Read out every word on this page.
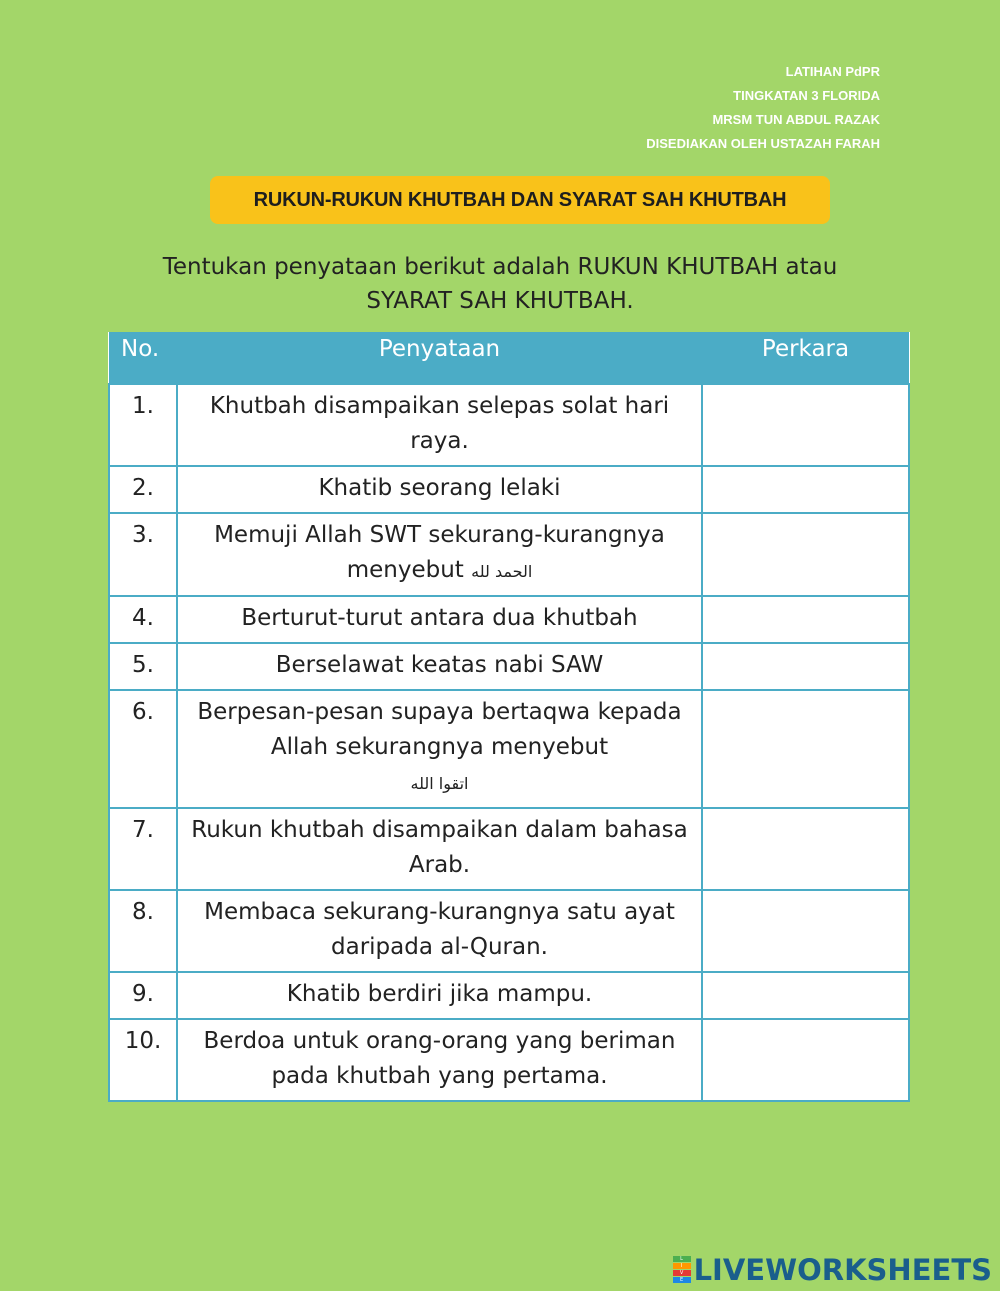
LATIHAN PdPR
TINGKATAN 3 FLORIDA
MRSM TUN ABDUL RAZAK
DISEDIAKAN OLEH USTAZAH FARAH
RUKUN-RUKUN KHUTBAH DAN SYARAT SAH KHUTBAH
Tentukan penyataan berikut adalah RUKUN KHUTBAH atau
SYARAT SAH KHUTBAH.
No.	Penyataan	Perkara
1.	Khutbah disampaikan selepas solat hari raya.	
2.	Khatib seorang lelaki	
3.	Memuji Allah SWT sekurang-kurangnya menyebut الحمد لله	
4.	Berturut-turut antara dua khutbah	
5.	Berselawat keatas nabi SAW	
6.	Berpesan-pesan supaya bertaqwa kepada Allah sekurangnya menyebut
اتقوا الله	
7.	Rukun khutbah disampaikan dalam bahasa Arab.	
8.	Membaca sekurang-kurangnya satu ayat daripada al-Quran.	
9.	Khatib berdiri jika mampu.	
10.	Berdoa untuk orang-orang yang beriman pada khutbah yang pertama.	
L
I
V
E LIVEWORKSHEETS
